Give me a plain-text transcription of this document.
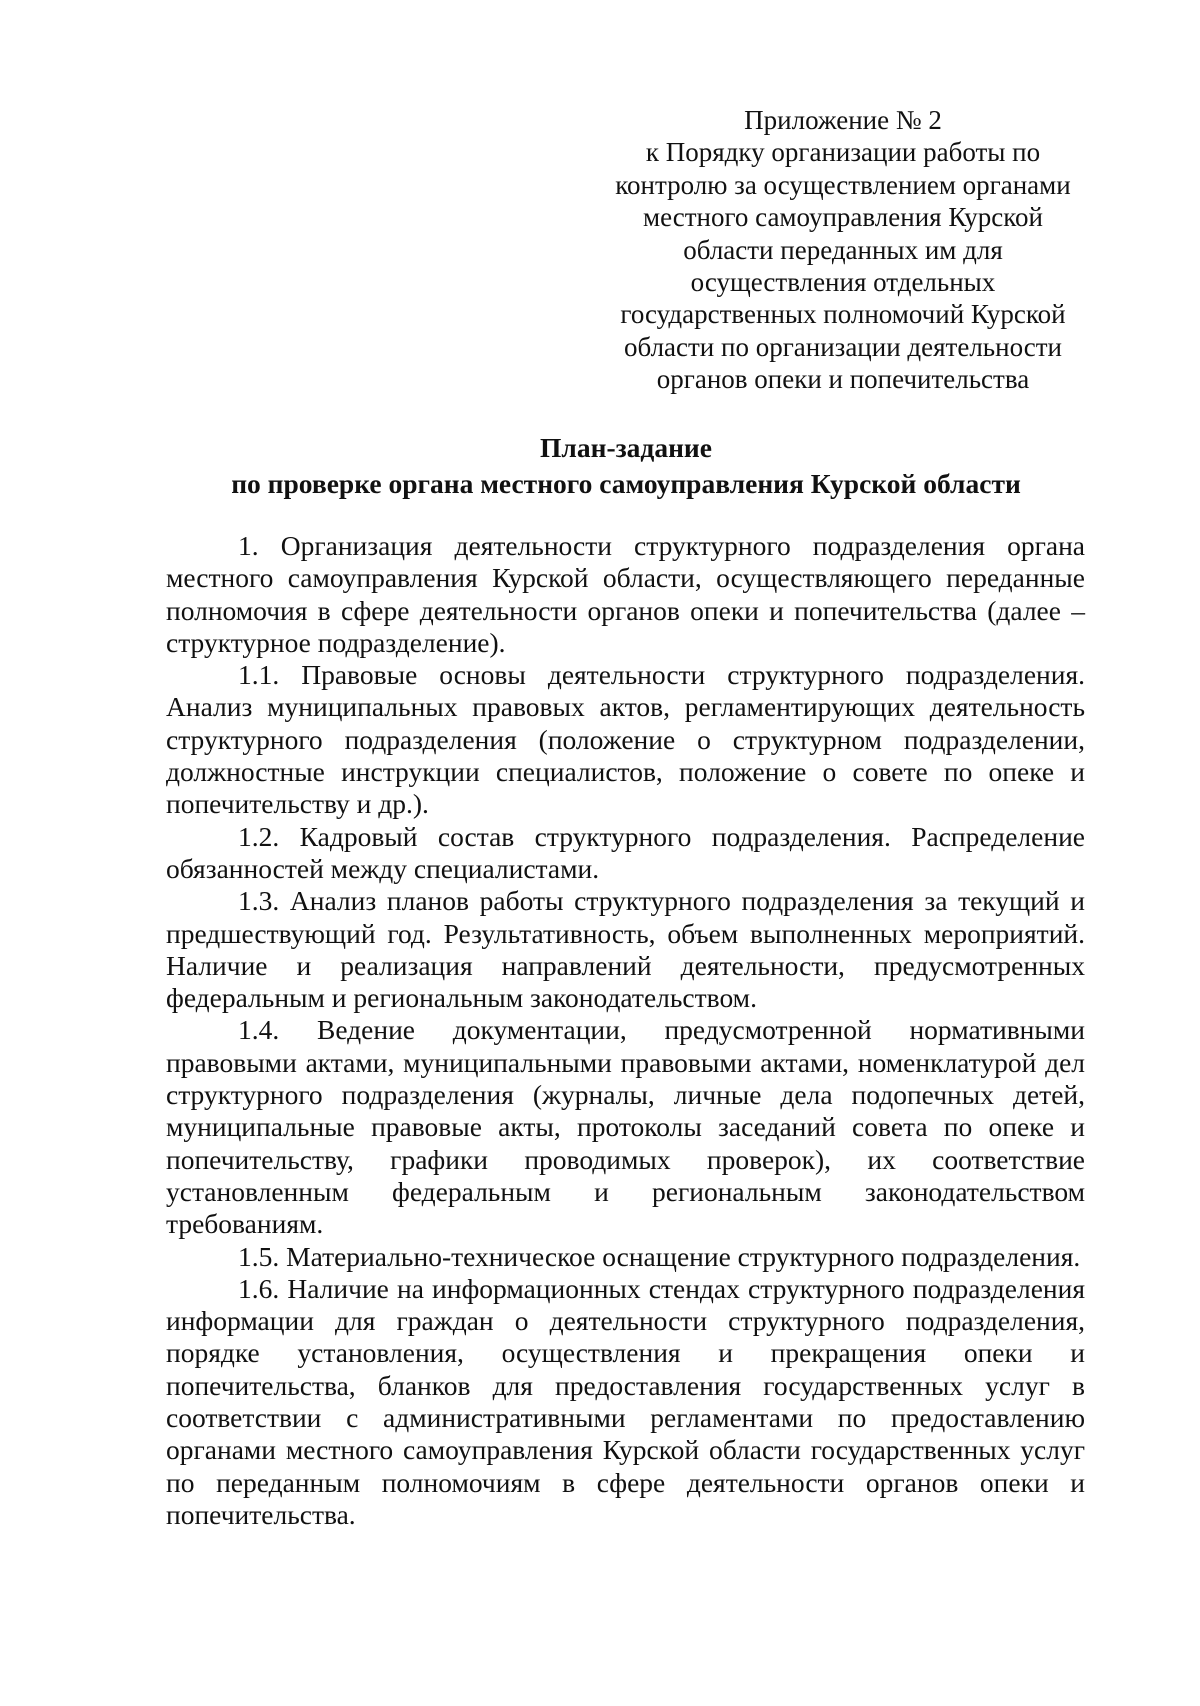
Приложение № 2
к Порядку организации работы по
контролю за осуществлением органами
местного самоуправления Курской
области переданных им для
осуществления отдельных
государственных полномочий Курской
области по организации деятельности
органов опеки и попечительства
План-задание
по проверке органа местного самоуправления Курской области

1. Организация деятельности структурного подразделения органа местного самоуправления Курской области, осуществляющего переданные полномочия в сфере деятельности органов опеки и попечительства (далее – структурное подразделение).

1.1. Правовые основы деятельности структурного подразделения. Анализ муниципальных правовых актов, регламентирующих деятельность структурного подразделения (положение о структурном подразделении, должностные инструкции специалистов, положение о совете по опеке и попечительству и др.).

1.2. Кадровый состав структурного подразделения. Распределение обязанностей между специалистами.

1.3. Анализ планов работы структурного подразделения за текущий и предшествующий год. Результативность, объем выполненных мероприятий. Наличие и реализация направлений деятельности, предусмотренных федеральным и региональным законодательством.

1.4. Ведение документации, предусмотренной нормативными правовыми актами, муниципальными правовыми актами, номенклатурой дел структурного подразделения (журналы, личные дела подопечных детей, муниципальные правовые акты, протоколы заседаний совета по опеке и попечительству, графики проводимых проверок), их соответствие установленным федеральным и региональным законодательством требованиям.

1.5. Материально-техническое оснащение структурного подразделения.

1.6. Наличие на информационных стендах структурного подразделения информации для граждан о деятельности структурного подразделения, порядке установления, осуществления и прекращения опеки и попечительства, бланков для предоставления государственных услуг в соответствии с административными регламентами по предоставлению органами местного самоуправления Курской области государственных услуг по переданным полномочиям в сфере деятельности органов опеки и попечительства.
